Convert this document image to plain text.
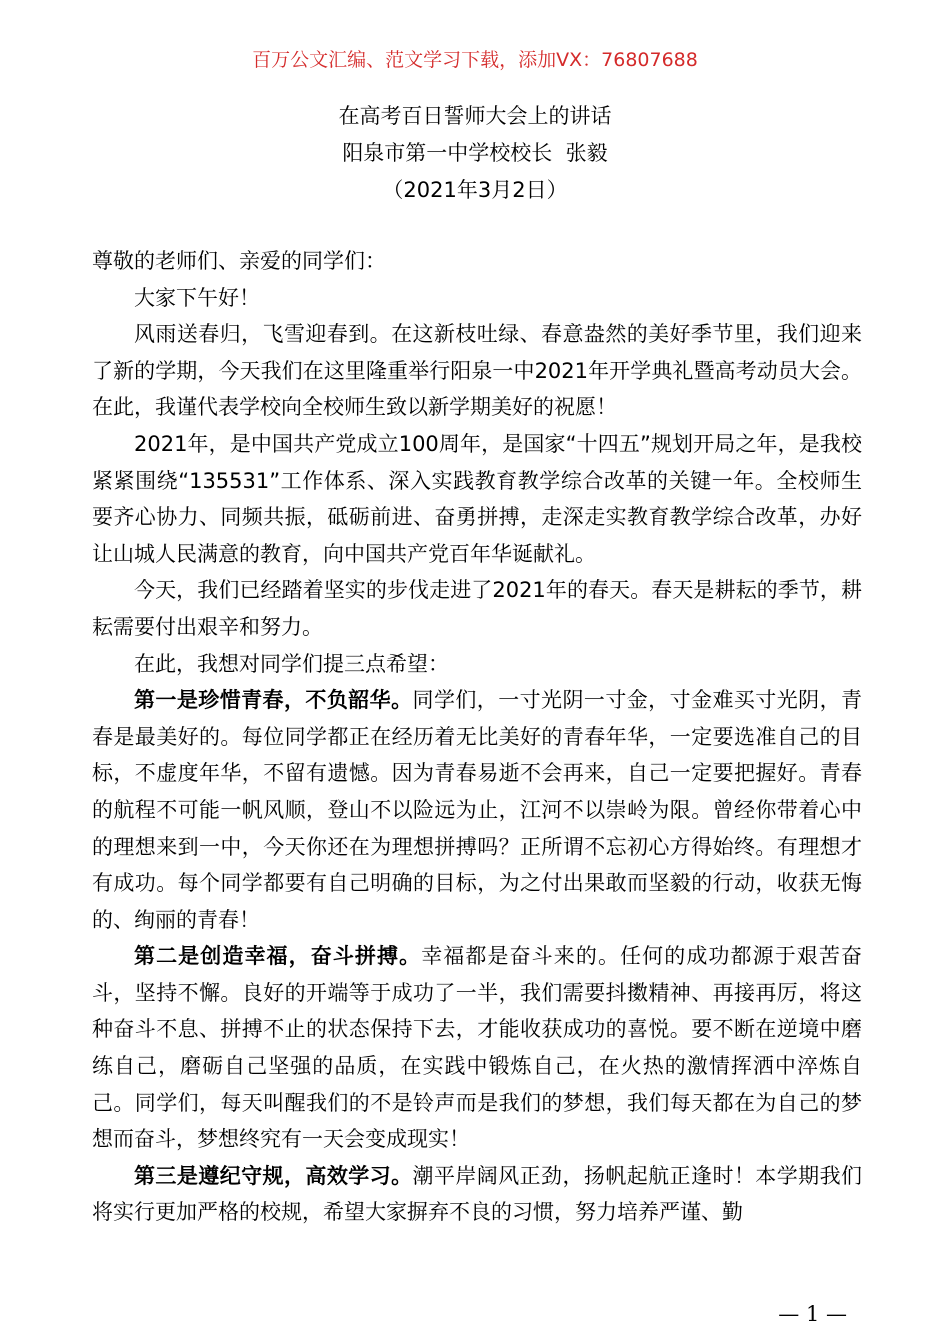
百万公文汇编、范文学习下载，添加VX：76807688
在高考百日誓师大会上的讲话
阳泉市第一中学校校长  张毅
（2021年3月2日）

尊敬的老师们、亲爱的同学们：

大家下午好！

风雨送春归，飞雪迎春到。在这新枝吐绿、春意盎然的美好季节里，我们迎来了新的学期，今天我们在这里隆重举行阳泉一中2021年开学典礼暨高考动员大会。在此，我谨代表学校向全校师生致以新学期美好的祝愿！

2021年，是中国共产党成立100周年，是国家“十四五”规划开局之年，是我校紧紧围绕“135531”工作体系、深入实践教育教学综合改革的关键一年。全校师生要齐心协力、同频共振，砥砺前进、奋勇拼搏，走深走实教育教学综合改革，办好让山城人民满意的教育，向中国共产党百年华诞献礼。

今天，我们已经踏着坚实的步伐走进了2021年的春天。春天是耕耘的季节，耕耘需要付出艰辛和努力。

在此，我想对同学们提三点希望：

第一是珍惜青春，不负韶华。同学们，一寸光阴一寸金，寸金难买寸光阴，青春是最美好的。每位同学都正在经历着无比美好的青春年华，一定要选准自己的目标，不虚度年华，不留有遗憾。因为青春易逝不会再来，自己一定要把握好。青春的航程不可能一帆风顺，登山不以险远为止，江河不以崇岭为限。曾经你带着心中的理想来到一中，今天你还在为理想拼搏吗？正所谓不忘初心方得始终。有理想才有成功。每个同学都要有自己明确的目标，为之付出果敢而坚毅的行动，收获无悔的、绚丽的青春！

第二是创造幸福，奋斗拼搏。幸福都是奋斗来的。任何的成功都源于艰苦奋斗，坚持不懈。良好的开端等于成功了一半，我们需要抖擞精神、再接再厉，将这种奋斗不息、拼搏不止的状态保持下去，才能收获成功的喜悦。要不断在逆境中磨练自己，磨砺自己坚强的品质，在实践中锻炼自己，在火热的激情挥洒中淬炼自己。同学们，每天叫醒我们的不是铃声而是我们的梦想，我们每天都在为自己的梦想而奋斗，梦想终究有一天会变成现实！

第三是遵纪守规，高效学习。潮平岸阔风正劲，扬帆起航正逢时！本学期我们将实行更加严格的校规，希望大家摒弃不良的习惯，努力培养严谨、勤

— 1 —
